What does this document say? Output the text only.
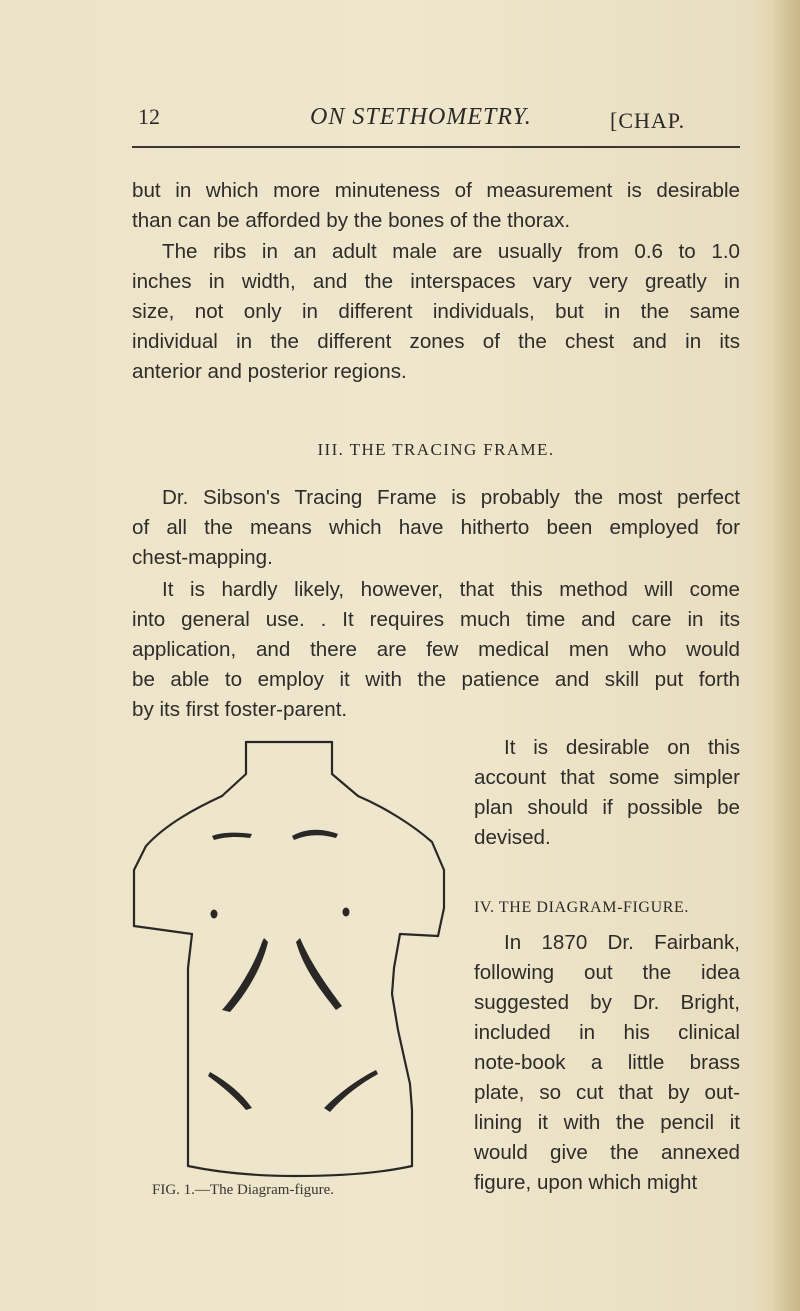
12	ON STETHOMETRY.	[CHAP.
but in which more minuteness of measurement is desirable
than can be afforded by the bones of the thorax.
The ribs in an adult male are usually from 0.6 to 1.0
inches in width, and the interspaces vary very greatly in
size, not only in different individuals, but in the same
individual in the different zones of the chest and in its
anterior and posterior regions.
III. THE TRACING FRAME.
Dr. Sibson's Tracing Frame is probably the most perfect
of all the means which have hitherto been employed for
chest-mapping.
It is hardly likely, however, that this method will come
into general use. . It requires much time and care in its
application, and there are few medical men who would
be able to employ it with the patience and skill put forth
by its first foster-parent.
FIG. 1.—The Diagram-figure.
It is desirable on this
account that some simpler
plan should if possible be
devised.
IV. THE DIAGRAM-FIGURE.
In 1870 Dr. Fairbank,
following out the idea
suggested by Dr. Bright,
included in his clinical
note-book a little brass
plate, so cut that by out-
lining it with the pencil it
would give the annexed
figure, upon which might
